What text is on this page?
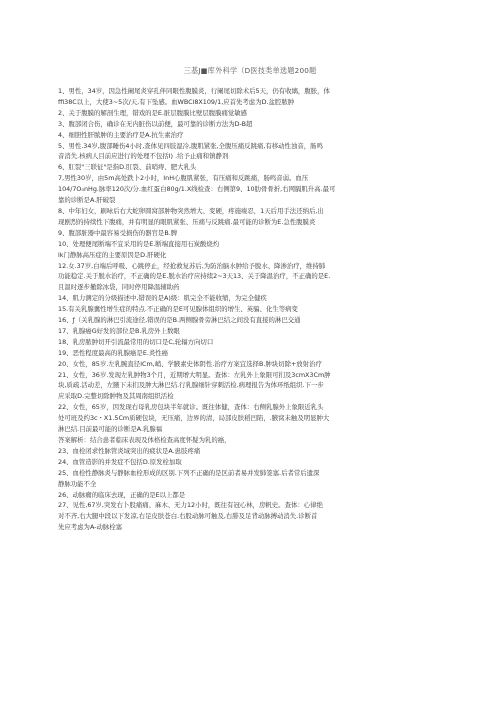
三基J■库外科学（D医技类单选题200题
1、男性，34岁，因急性阑尾炎穿孔伴同眼性腹膜炎，行阑尾切除术后5天，仍有收縭，腹胀，体
ffi38C以上，大使3~5次/天,有下坠感。血WBCl8X109/1,应首先考虑为D.盆腔脓肿
2、关于腹膜的解剖生理，错戏的是E.脏层腹膜比壁层腹膜痛觉敏感
3、腹部闭合伤，确诊在无内脏伤以前便，最可靠的诊断方法为D-B超
4、细胆性肝脓肿的主要治疗是A.抗生素治疗
5、男性.34岁,腹部睡伤4小时,查体见四肢湿冷,腹肌紧张,全腹压痛反跳痛,有移动性浊音，肠鸣
音消失.核病人目前应进行的处理不包括I) .给予止痛和镇静剂
6、肛裂"三联征"是指D.肛裂、前哨痔、肥大乳头
7,男性30岁，由5m高处跌卜2小时，InH心腹肌紧张，有压痛和反跳痛，肠鸣音弱。血压
104/7O₀nHg.脉率120次/分.血红蛋白80g/1.X线检查：右侧第9、10肋骨骨折,右网膈肌升高.最可
靠的诊断是A.肝破裂
8、中年妇女，刷咏后右大蛇卵圆窝部肿物突然增大、变硬，疼施痠忍，1天后用手法还纳后,出
现剧烈的持续性下腹痛，并有明显的眼肌紧张、压痛与反跳痛.最可能的诊断为E.急性腹膜炎
9、腹部脏器中最容易受损伤的器官是B.脾
10、处理便尾断端不宜采用的是E.断端直接用石炭酸烧灼
lk门静脉高压症的主要原因是D.肝硬化
12.女.37岁,白端后呼吸、心跳停止，经抢救复苏后,为防治脑水肿给予脱水、降渗治疗，维持肺
功能稳定.关于脱水治疗，不正确的是E.脱水治疗应持续2~3天13、关于降温治疗，不正确的是E.
且温时逐步撤除冰袋，同时停用降温辅助药
14、肌力测定的分级描述中,错误的是A)级：肌完全不能收缩，为完全健疾
15.有关乳腺囊性增生症的特点.不正确的是E可见腺体组织的增生、英骗、化生等病变
16、ƒ（关乳腺的淋巴引流途径,错误的是B.两侧腺骨旁淋巴结之间没有直接的淋巴交通
17、乳腺癌G好发的部位是B.乳房外上数眼
18、乳房脓肿切开引流最常用的切口是C,轮辐方向切口
19、恶性程度最高的乳腺癌是E.炎性癌
20、女性，85岁.左乳腕直径lCm,峭、学腋素史体阴性.治疗方案宜选择B.肿块切除+放射治疗
21、女性，36岁.发现左乳肿物3个月，近期增大明显。查体：左乳外上象限可扪及3cmX3Cm肿
块,质疏.活动差，左腋下未扪及肿大淋巴结.行乳腺细针穿刺活检.病理报告为体环纸组织.下一步
应采取D.完整切除肿物及其周南组织活检
22、女性，65岁，因发现右母乳房包块半年就诊。既往体健，查体：右侧乳腺外上象限近乳头
处可班及约3c・X1.5Cm质硬包块，无压痛，边界的清，局部皮肤稻凹陷，.腋窝未触及明显肿大
淋巴结.目前最可能的诊断是A.乳腺福
答案解析：结合患者临床表现及体格检查高度怀疑为乳的癌，
23、血栓闭求性脉管炎域突出的疲状是A.患肢疼痛
24、血管造影的并发症不包括D.原发栓加取
25、血栓性静脉炎与静脉血栓形成的区别.下列不正确的是区前者易并发肺签塞.后者常后遗深
静脉功能不全
26、动脉瘤的临床去现，正确的是E以上都是
27、见性,67岁,突发右卜股痛痛、麻木、无力12小时，既往有冠心林，房帆史。查体：心律绝
对不齐,右大腿中段以下发凉,右足皮肤苍白.右股动脉可触及,右腓及足背动脉搏动消失.诊断首
先应考虑为A-动脉栓塞
